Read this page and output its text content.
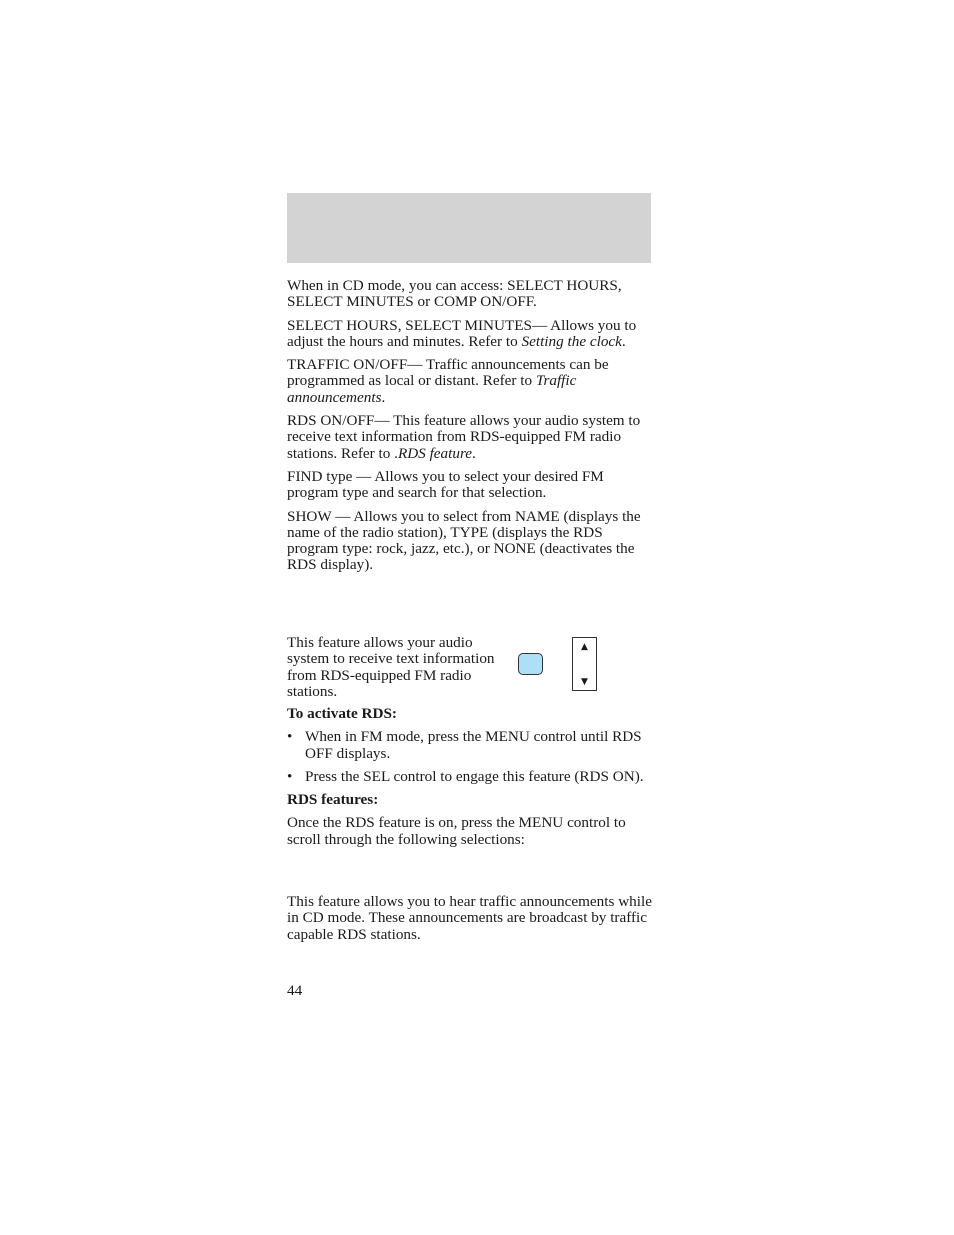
When in CD mode, you can access: SELECT HOURS, SELECT MINUTES or COMP ON/OFF.

SELECT HOURS, SELECT MINUTES— Allows you to adjust the hours and minutes. Refer to Setting the clock.

TRAFFIC ON/OFF— Traffic announcements can be programmed as local or distant. Refer to Traffic announcements.

RDS ON/OFF— This feature allows your audio system to receive text information from RDS-equipped FM radio stations. Refer to .RDS feature.

FIND type — Allows you to select your desired FM program type and search for that selection.

SHOW — Allows you to select from NAME (displays the name of the radio station), TYPE (displays the RDS program type: rock, jazz, etc.), or NONE (deactivates the RDS display).

This feature allows your audio system to receive text information from RDS-equipped FM radio stations.
▲
▼

To activate RDS:

• When in FM mode, press the MENU control until RDS OFF displays.
• Press the SEL control to engage this feature (RDS ON).

RDS features:

Once the RDS feature is on, press the MENU control to scroll through the following selections:

This feature allows you to hear traffic announcements while in CD mode. These announcements are broadcast by traffic capable RDS stations.

44
